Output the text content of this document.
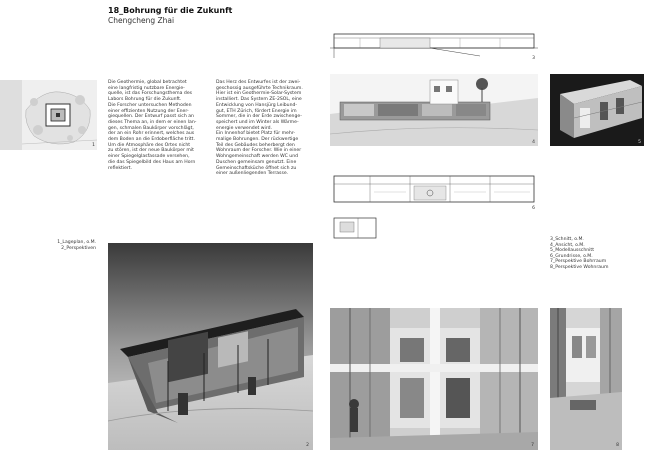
18_Bohrung für die Zukunft
Chengcheng Zhai
1

Die Geothermie, global betrachtet

eine langfristig nutzbare Energie-

quelle, ist das Forschungsthema des

Labors Bohrung für die Zukunft.

Die Forscher untersuchen Methoden

einer effizienten Nutzung der Ener-

giequellen. Der Entwurf passt sich an

dieses Thema an, in dem er einen lan-

gen, schmalen Baukörper vorschlägt,

der an ein Rohr erinnert, welches aus

dem Boden an die Erdoberfläche tritt.

Um die Atmosphäre des Ortes nicht

zu stören, ist der neue Baukörper mit

einer Spiegelglasfassade versehen,

die das Spiegelbild des Haus am Horn

reflektiert.

Das Herz des Entwurfes ist der zwei-

geschossig ausgeführte Technikraum.

Hier ist ein Geothermie-Solar-System

installiert. Das System ZE-2SOL, eine

Entwicklung von Hansjürg Leibund-

gut, ETH Zürich, fördert Energie im

Sommer, die in der Erde zwischenge-

speichert und im Winter als Wärme-

energie verwendet wird.

Ein Innenhof bietet Platz für mehr-

malige Bohrungen. Der rückwertige

Teil des Gebäudes beherbergt den

Wohnraum der Forscher. Wie in einer

Wohngemeinschaft werden WC und

Duschen gemeinsam genutzt. Eine

Gemeinschaftsküche öffnet sich zu

einer außenliegenden Terrasse.

3
4	5
6
1_Lageplan, o.M.
2_Perspektiven
3_Schnitt, o.M.
4_Ansicht, o.M.
5_Modellausschnitt
6_Grundrisse, o.M.
7_Perspektive Bohrraum
8_Perspektive Wohnraum
2	7	8
